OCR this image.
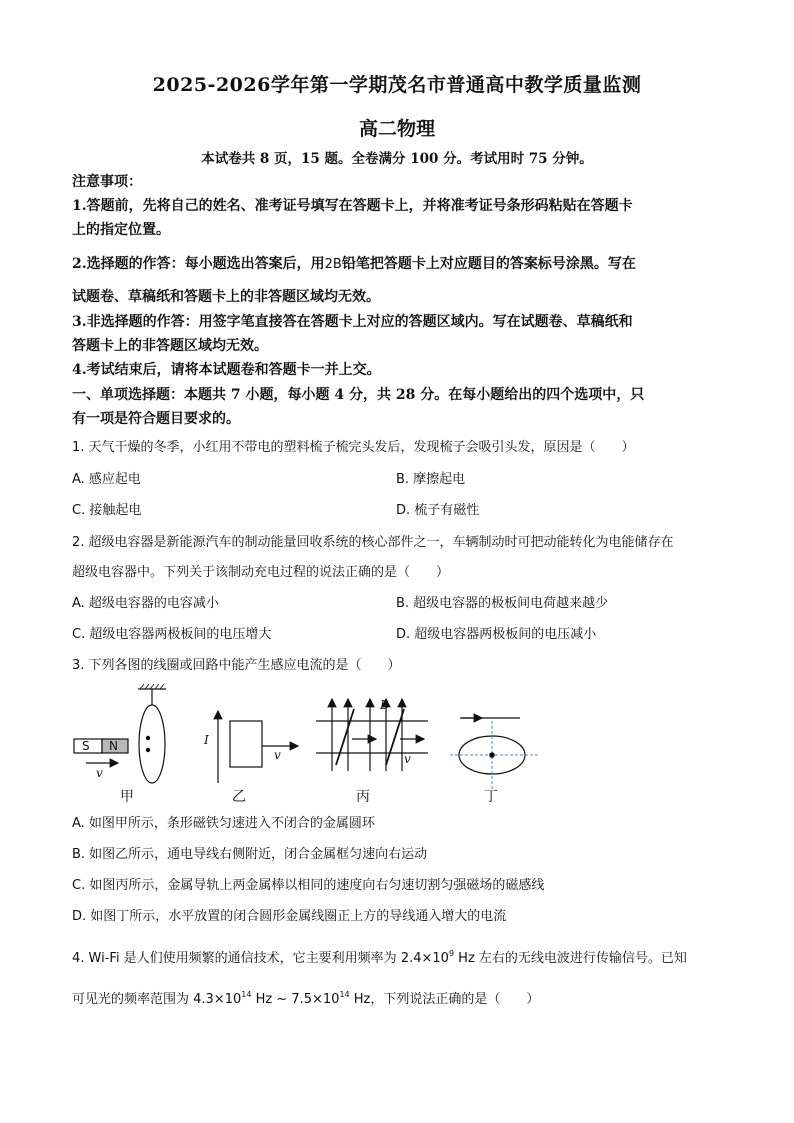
2025-2026学年第一学期茂名市普通高中教学质量监测
高二物理
本试卷共 8 页，15 题。全卷满分 100 分。考试用时 75 分钟。
注意事项：
1.答题前，先将自己的姓名、准考证号填写在答题卡上，并将准考证号条形码粘贴在答题卡
上的指定位置。
2.选择题的作答：每小题选出答案后，用2B铅笔把答题卡上对应题目的答案标号涂黑。写在
试题卷、草稿纸和答题卡上的非答题区域均无效。
3.非选择题的作答：用签字笔直接答在答题卡上对应的答题区域内。写在试题卷、草稿纸和
答题卡上的非答题区域均无效。
4.考试结束后，请将本试题卷和答题卡一并上交。
一、单项选择题：本题共 7 小题，每小题 4 分，共 28 分。在每小题给出的四个选项中，只
有一项是符合题目要求的。
1. 天气干燥的冬季，小红用不带电的塑料梳子梳完头发后，发现梳子会吸引头发，原因是（　　）
A. 感应起电	B. 摩擦起电
C. 接触起电	D. 梳子有磁性
2. 超级电容器是新能源汽车的制动能量回收系统的核心部件之一，车辆制动时可把动能转化为电能储存在
超级电容器中。下列关于该制动充电过程的说法正确的是（　　）
A. 超级电容器的电容减小	B. 超级电容器的极板间电荷越来越少
C. 超级电容器两极板间的电压增大	D. 超级电容器两极板间的电压减小
3. 下列各图的线圈或回路中能产生感应电流的是（　　）
S N
v
I
v
B
v
甲	乙	丙	丁
A. 如图甲所示，条形磁铁匀速进入不闭合的金属圆环
B. 如图乙所示，通电导线右侧附近，闭合金属框匀速向右运动
C. 如图丙所示，金属导轨上两金属棒以相同的速度向右匀速切割匀强磁场的磁感线
D. 如图丁所示，水平放置的闭合圆形金属线圈正上方的导线通入增大的电流
4. Wi-Fi 是人们使用频繁的通信技术，它主要利用频率为 $2.4\times 10^9$ Hz 左右的无线电波进行传输信号。已知
可见光的频率范围为 $4.3\times 10^{14}$ Hz ~ $7.5\times 10^{14}$ Hz，下列说法正确的是（　　）
